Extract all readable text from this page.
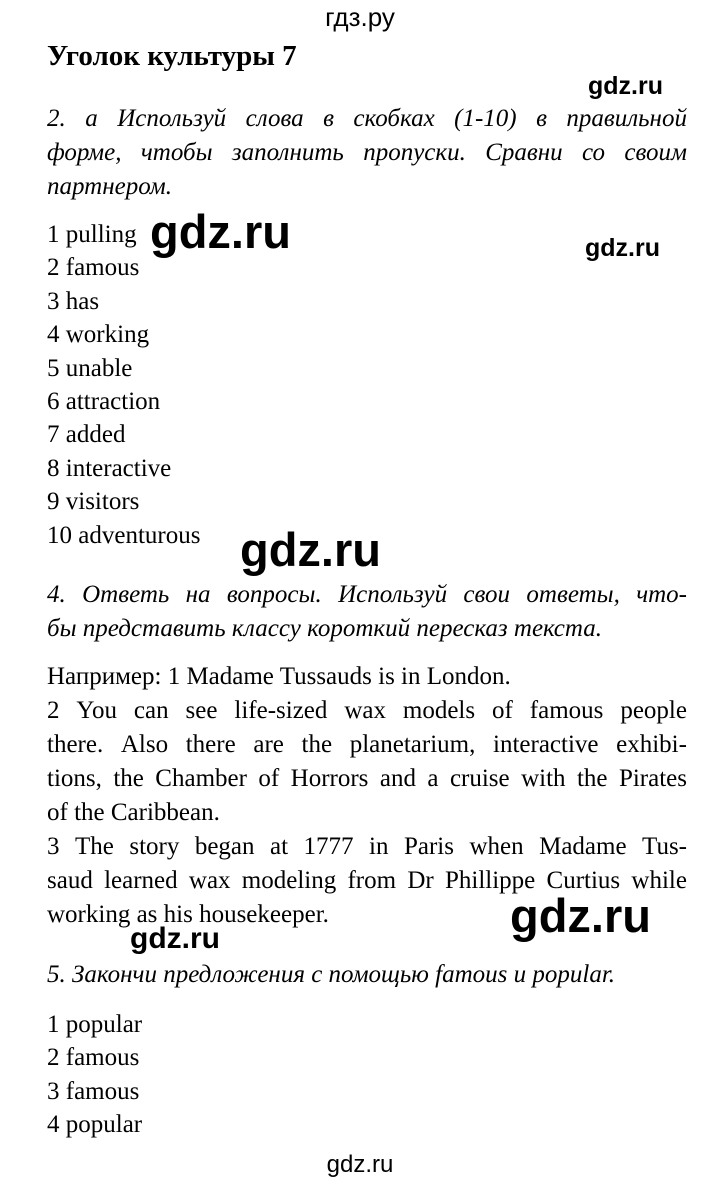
гдз.ру
Уголок культуры 7
gdz.ru
2. а Используй слова в скобках (1-10) в правильной
форме, чтобы заполнить пропуски. Сравни со своим
партнером.
1 pulling
2 famous
3 has
4 working
5 unable
6 attraction
7 added
8 interactive
9 visitors
10 adventurous
gdz.ru	gdz.ru
gdz.ru
4. Ответь на вопросы. Используй свои ответы, что-
бы представить классу короткий пересказ текста.
Например: 1 Madame Tussauds is in London.
2 You can see life-sized wax models of famous people
there. Also there are the planetarium, interactive exhibi-
tions, the Chamber of Horrors and a cruise with the Pirates
of the Caribbean.
3 The story began at 1777 in Paris when Madame Tus-
saud learned wax modeling from Dr Phillippe Curtius while
working as his housekeeper.	gdz.ru
gdz.ru
5. Закончи предложения с помощью famous и popular.
1 popular
2 famous
3 famous
4 popular
gdz.ru
